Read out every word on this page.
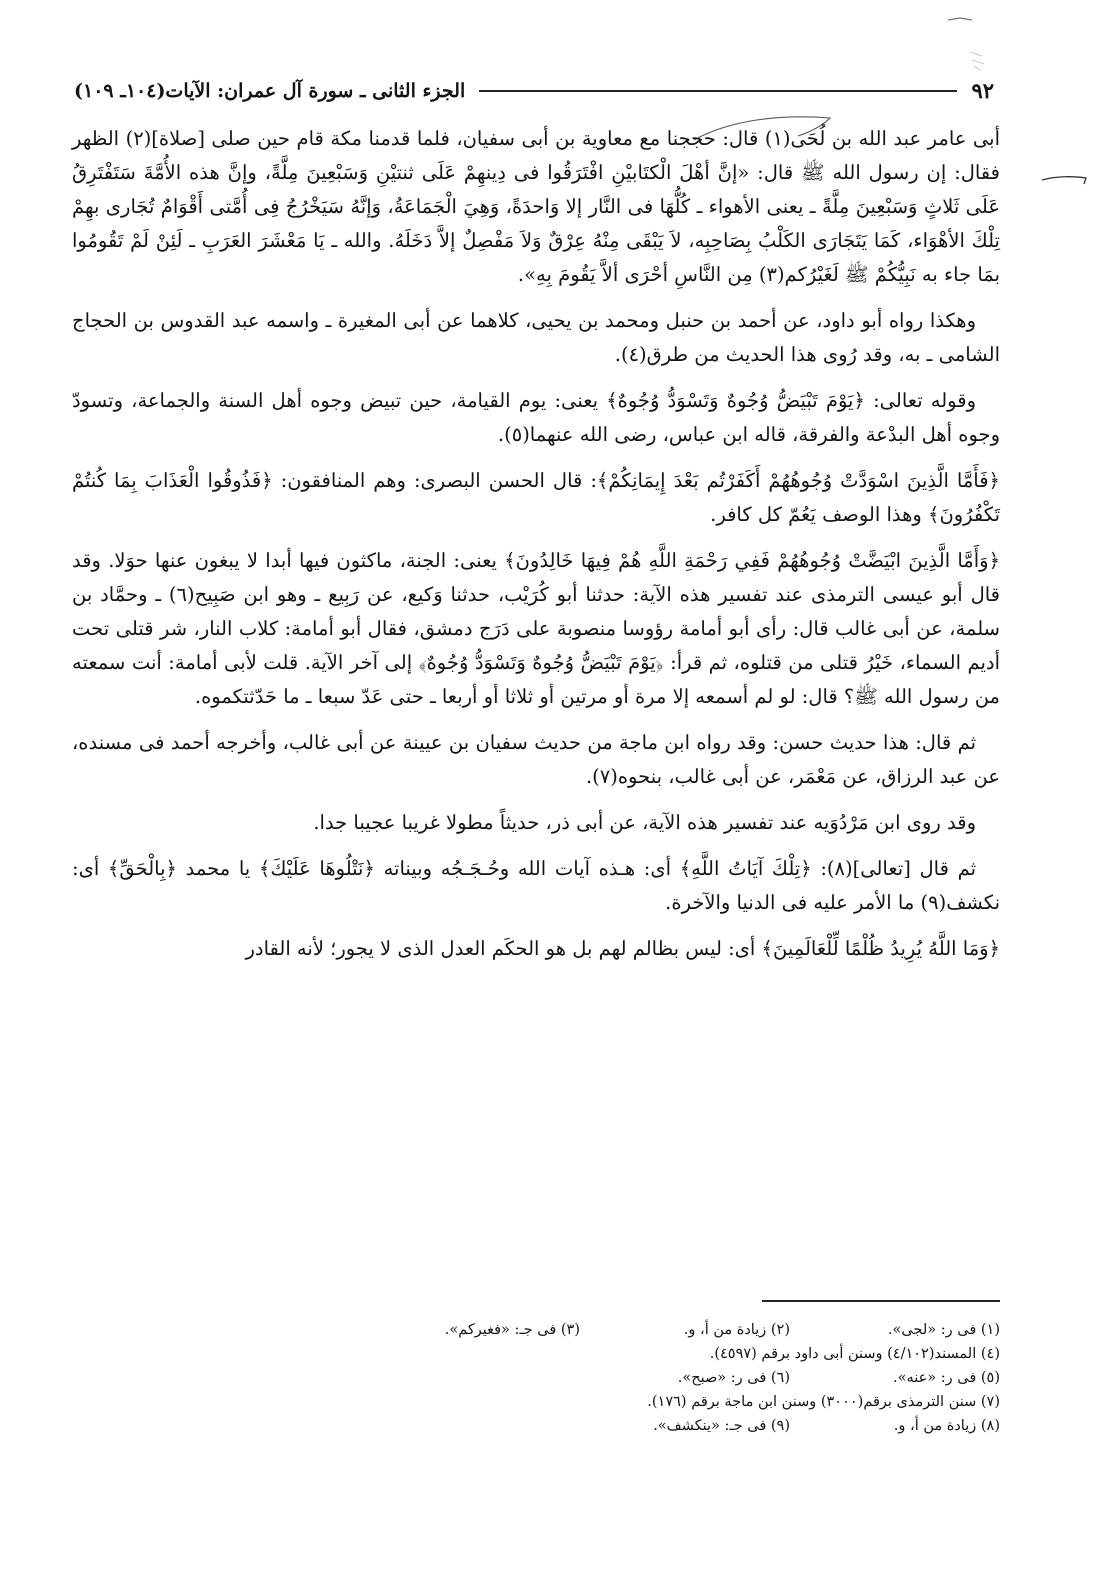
٩٢
الجزء الثانى ـ سورة آل عمران: الآيات(١٠٤ـ ١٠٩)

أبى عامر عبد الله بن لُحَى(١) قال: حججنا مع معاوية بن أبى سفيان، فلما قدمنا مكة قام حين صلى [صلاة](٢) الظهر فقال: إن رسول الله ﷺ قال: «إنَّ أهْلَ الْكتَابيْنِ افْتَرَقُوا فى دِينهِمْ عَلَى ثنتيْنِ وَسَبْعِينَ مِلَّةً، وإنَّ هذه الأُمَّةَ سَتَفْتَرِقُ عَلَى ثَلاثٍ وَسَبْعِينَ مِلَّةً ـ يعنى الأهواء ـ كُلُّهَا فى النَّار إلا وَاحدَةً، وَهِيَ الْجَمَاعَةُ، وَإنَّهُ سَيَخْرُجُ فِى أُمَّتى أَقْوَامٌ تُجَارى بهِمْ تِلْكَ الأهْوَاء، كَمَا يَتَجَارَى الكَلْبُ بِصَاحِبِه، لاَ يَبْقَى مِنْهُ عِرْقٌ وَلاَ مَفْصِلٌ إلاَّ دَخَلَهُ. والله ـ يَا مَعْشَرَ العَرَبِ ـ لَئِنْ لَمْ تَقُومُوا بمَا جاء به نَبِيُّكُمْ ﷺ لَغَيْرُكم(٣) مِن النَّاسِ أحْرَى ألاَّ يَقُومَ بِهِ».

وهكذا رواه أبو داود، عن أحمد بن حنبل ومحمد بن يحيى، كلاهما عن أبى المغيرة ـ واسمه عبد القدوس بن الحجاج الشامى ـ به، وقد رُوى هذا الحديث من طرق(٤).

وقوله تعالى: ﴿يَوْمَ تَبْيَضُّ وُجُوهٌ وَتَسْوَدُّ وُجُوهٌ﴾ يعنى: يوم القيامة، حين تبيض وجوه أهل السنة والجماعة، وتسودّ وجوه أهل البدْعة والفرقة، قاله ابن عباس، رضى الله عنهما(٥).

﴿فَأَمَّا الَّذِينَ اسْوَدَّتْ وُجُوهُهُمْ أَكَفَرْتُم بَعْدَ إِيمَانِكُمْ﴾: قال الحسن البصرى: وهم المنافقون: ﴿فَذُوقُوا الْعَذَابَ بِمَا كُنتُمْ تَكْفُرُونَ﴾ وهذا الوصف يَعُمّ كل كافر.

﴿وَأَمَّا الَّذِينَ ابْيَضَّتْ وُجُوهُهُمْ فَفِي رَحْمَةِ اللَّهِ هُمْ فِيهَا خَالِدُونَ﴾ يعنى: الجنة، ماكثون فيها أبدا لا يبغون عنها حوَلا. وقد قال أبو عيسى الترمذى عند تفسير هذه الآية: حدثنا أبو كُرَيْب، حدثنا وَكيع، عن رَبِيع ـ وهو ابن صَبِيح(٦) ـ وحمَّاد بن سلمة، عن أبى غالب قال: رأى أبو أمامة رؤوسا منصوبة على دَرَج دمشق، فقال أبو أمامة: كلاب النار، شر قتلى تحت أديم السماء، خَيْرُ قتلى من قتلوه، ثم قرأ: ﴿يَوْمَ تَبْيَضُّ وُجُوهٌ وَتَسْوَدُّ وُجُوهٌ﴾ إلى آخر الآية. قلت لأبى أمامة: أنت سمعته من رسول الله ﷺ؟ قال: لو لم أسمعه إلا مرة أو مرتين أو ثلاثا أو أربعا ـ حتى عَدّ سبعا ـ ما حَدّثتكموه.

ثم قال: هذا حديث حسن: وقد رواه ابن ماجة من حديث سفيان بن عيينة عن أبى غالب، وأخرجه أحمد فى مسنده، عن عبد الرزاق، عن مَعْمَر، عن أبى غالب، بنحوه(٧).

وقد روى ابن مَرْدُوَيه عند تفسير هذه الآية، عن أبى ذر، حديثاً مطولا غريبا عجيبا جدا.

ثم قال [تعالى](٨): ﴿تِلْكَ آيَاتُ اللَّهِ﴾ أى: هـذه آيات الله وحُـجَـجُه وبيناته ﴿نَتْلُوهَا عَلَيْكَ﴾ يا محمد ﴿بِالْحَقِّ﴾ أى: نكشف(٩) ما الأمر عليه فى الدنيا والآخرة.

﴿وَمَا اللَّهُ يُرِيدُ ظُلْمًا لِّلْعَالَمِينَ﴾ أى: ليس بظالم لهم بل هو الحكَم العدل الذى لا يجور؛ لأنه القادر

(١) فى ر: «لجى».
(٢) زيادة من أ، و.
(٣) فى جـ: «فغيركم».
(٤) المسند(٤/١٠٢) وسنن أبى داود برقم (٤٥٩٧).
(٥) فى ر: «عنه».
(٦) فى ر: «صبح».
(٧) سنن الترمذى برقم(٣٠٠٠) وسنن ابن ماجة برقم (١٧٦).
(٨) زيادة من أ، و.
(٩) فى جـ: «ينكشف».
